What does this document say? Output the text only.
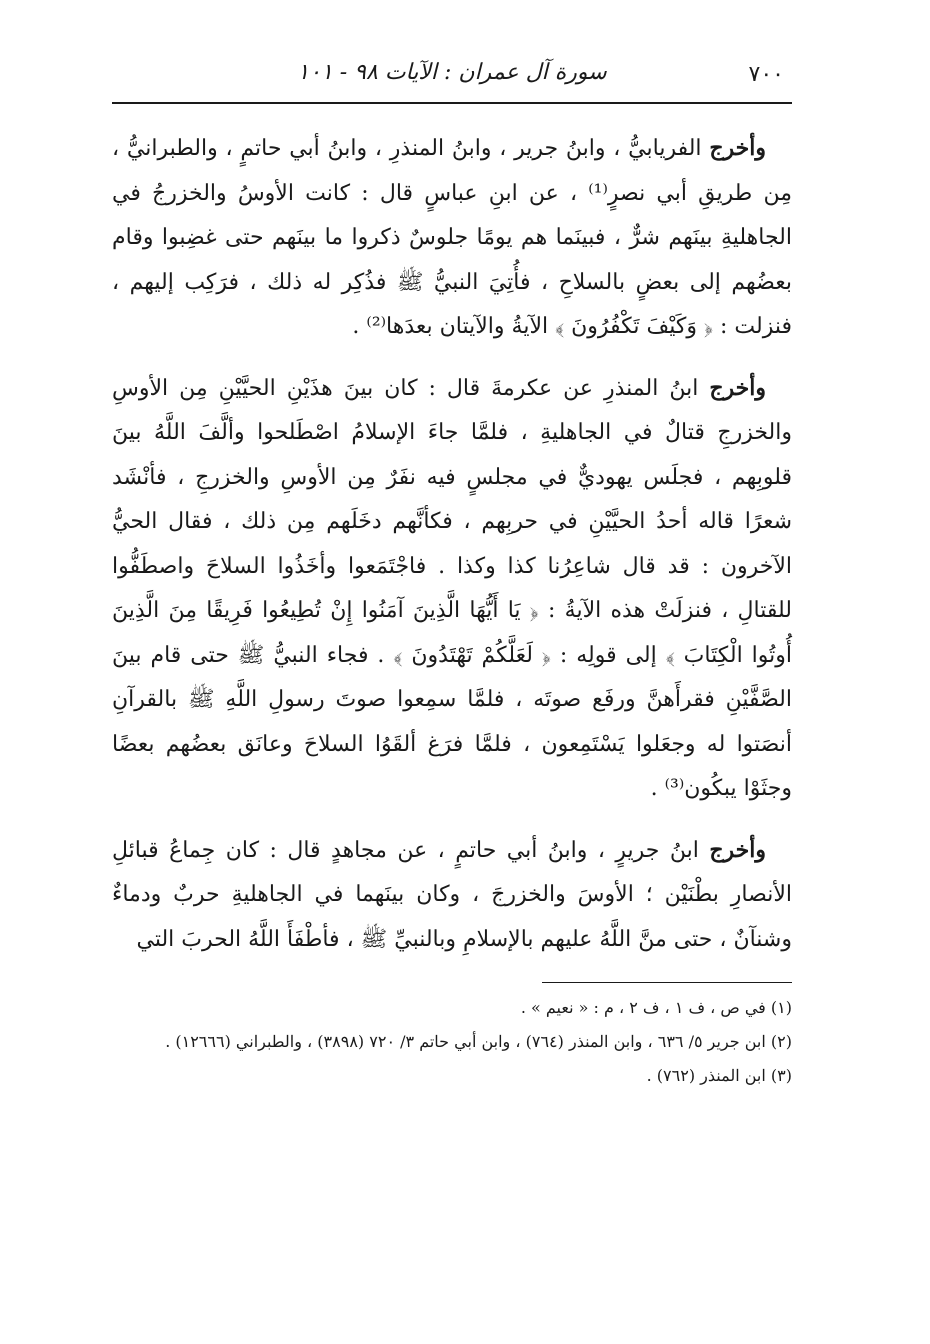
٧٠٠
سورة آل عمران : الآيات ٩٨ - ١٠١

وأخرج الفريابيُّ ، وابنُ جرير ، وابنُ المنذرِ ، وابنُ أبي حاتمٍ ، والطبرانيُّ ، مِن طريقِ أبي نصرٍ⁽¹⁾ ، عن ابنِ عباسٍ قال : كانت الأوسُ والخزرجُ في الجاهليةِ بينَهم شرٌّ ، فبينَما هم يومًا جلوسٌ ذكروا ما بينَهم حتى غضِبوا وقام بعضُهم إلى بعضٍ بالسلاحِ ، فأُتِيَ النبيُّ ﷺ فذُكِر له ذلك ، فرَكِب إليهم ، فنزلت : ﴿ وَكَيْفَ تَكْفُرُونَ ﴾ الآيةُ والآيتان بعدَها⁽²⁾ .

وأخرج ابنُ المنذرِ عن عكرمةَ قال : كان بينَ هذَيْنِ الحيَّيْنِ مِن الأوسِ والخزرجِ قتالٌ في الجاهليةِ ، فلمَّا جاءَ الإسلامُ اصْطَلحوا وألَّفَ اللَّهُ بينَ قلوبِهم ، فجلَس يهوديٌّ في مجلسٍ فيه نفَرٌ مِن الأوسِ والخزرجِ ، فأنْشَد شعرًا قاله أحدُ الحيَّيْنِ في حربِهم ، فكأنَّهم دخَلَهم مِن ذلك ، فقال الحيُّ الآخرون : قد قال شاعِرُنا كذا وكذا . فاجْتَمَعوا وأخَذُوا السلاحَ واصطَفُّوا للقتالِ ، فنزلَتْ هذه الآيةُ : ﴿ يَا أَيُّهَا الَّذِينَ آمَنُوا إِنْ تُطِيعُوا فَرِيقًا مِنَ الَّذِينَ أُوتُوا الْكِتَابَ ﴾ إلى قولِه : ﴿ لَعَلَّكُمْ تَهْتَدُونَ ﴾ . فجاء النبيُّ ﷺ حتى قام بينَ الصَّفَّيْنِ فقرأَهنَّ ورفَع صوتَه ، فلمَّا سمِعوا صوتَ رسولِ اللَّهِ ﷺ بالقرآنِ أنصَتوا له وجعَلوا يَسْتَمِعون ، فلمَّا فرَغ ألقَوُا السلاحَ وعانَق بعضُهم بعضًا وجثَوْا يبكُون⁽³⁾ .

وأخرج ابنُ جريرٍ ، وابنُ أبي حاتمٍ ، عن مجاهدٍ قال : كان جِماعُ قبائلِ الأنصارِ بطْنَيْن ؛ الأوسَ والخزرجَ ، وكان بينَهما في الجاهليةِ حربٌ ودماءٌ وشنآنٌ ، حتى منَّ اللَّهُ عليهم بالإسلامِ وبالنبيِّ ﷺ ، فأطْفَأَ اللَّهُ الحربَ التي

(١) في ص ، ف ١ ، ف ٢ ، م : « نعيم » .

(٢) ابن جرير ٥/ ٦٣٦ ، وابن المنذر (٧٦٤) ، وابن أبي حاتم ٣/ ٧٢٠ (٣٨٩٨) ، والطبراني (١٢٦٦٦) .

(٣) ابن المنذر (٧٦٢) .
